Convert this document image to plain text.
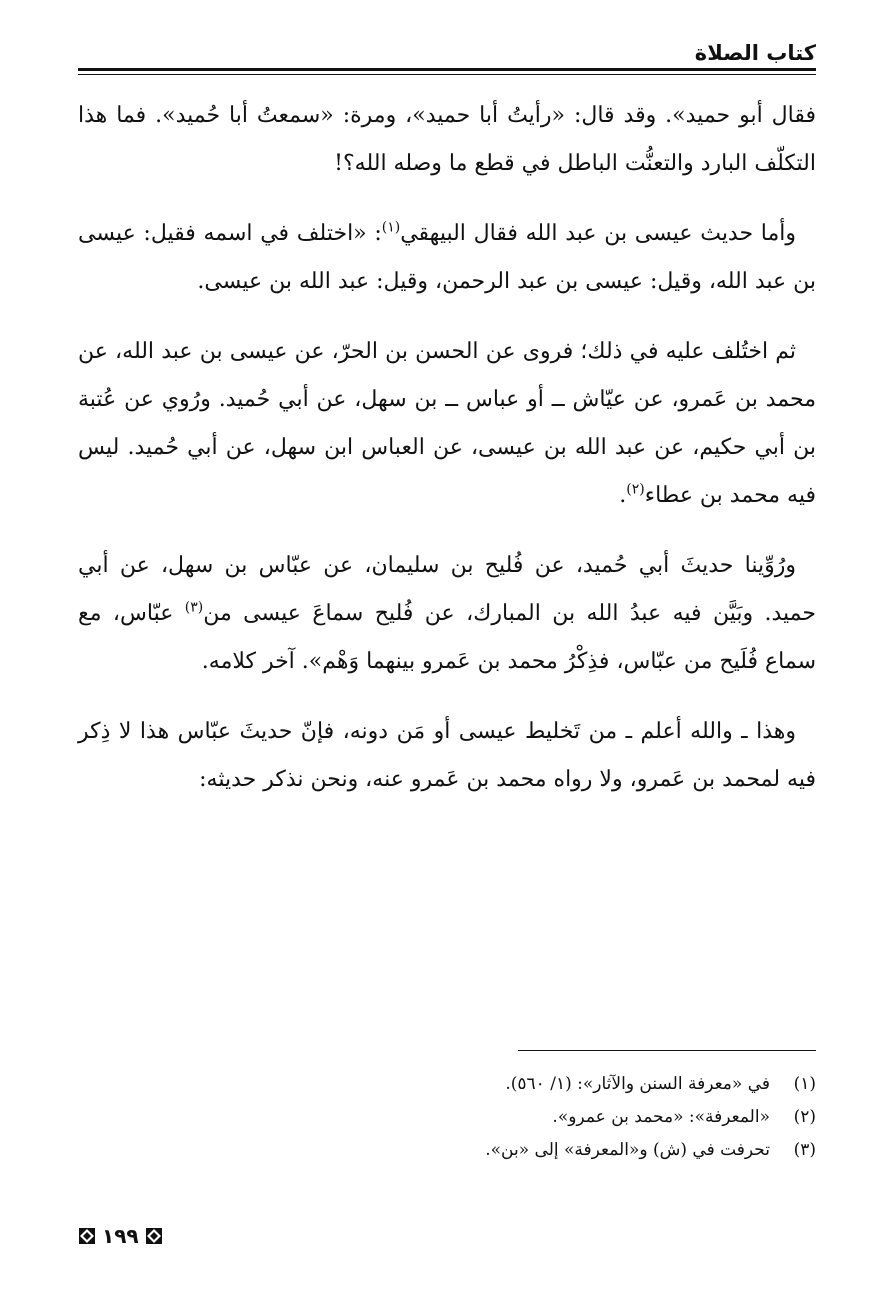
كتاب الصلاة

فقال أبو حميد». وقد قال: «رأيتُ أبا حميد»، ومرة: «سمعتُ أبا حُميد». فما هذا التكلّف البارد والتعنُّت الباطل في قطع ما وصله الله؟!

وأما حديث عيسى بن عبد الله فقال البيهقي$^{(١)}$: «اختلف في اسمه فقيل: عيسى بن عبد الله، وقيل: عيسى بن عبد الرحمن، وقيل: عبد الله بن عيسى.

ثم اختُلف عليه في ذلك؛ فروى عن الحسن بن الحرّ، عن عيسى بن عبد الله، عن محمد بن عَمرو، عن عيّاش ــ أو عباس ــ بن سهل، عن أبي حُميد. ورُوي عن عُتبة بن أبي حكيم، عن عبد الله بن عيسى، عن العباس ابن سهل، عن أبي حُميد. ليس فيه محمد بن عطاء$^{(٢)}$.

ورُوِّينا حديثَ أبي حُميد، عن فُليح بن سليمان، عن عبّاس بن سهل، عن أبي حميد. وبَيَّن فيه عبدُ الله بن المبارك، عن فُليح سماعَ عيسى من$^{(٣)}$ عبّاس، مع سماع فُلَيح من عبّاس، فذِكْرُ محمد بن عَمرو بينهما وَهْم». آخر كلامه.

وهذا ـ والله أعلم ـ من تَخليط عيسى أو مَن دونه، فإنّ حديثَ عبّاس هذا لا ذِكر فيه لمحمد بن عَمرو، ولا رواه محمد بن عَمرو عنه، ونحن نذكر حديثه:

(١)
في «معرفة السنن والآثار»: (١/ ٥٦٠).
(٢)
«المعرفة»: «محمد بن عمرو».
(٣)
تحرفت في (ش) و«المعرفة» إلى «بن».
١٩٩
